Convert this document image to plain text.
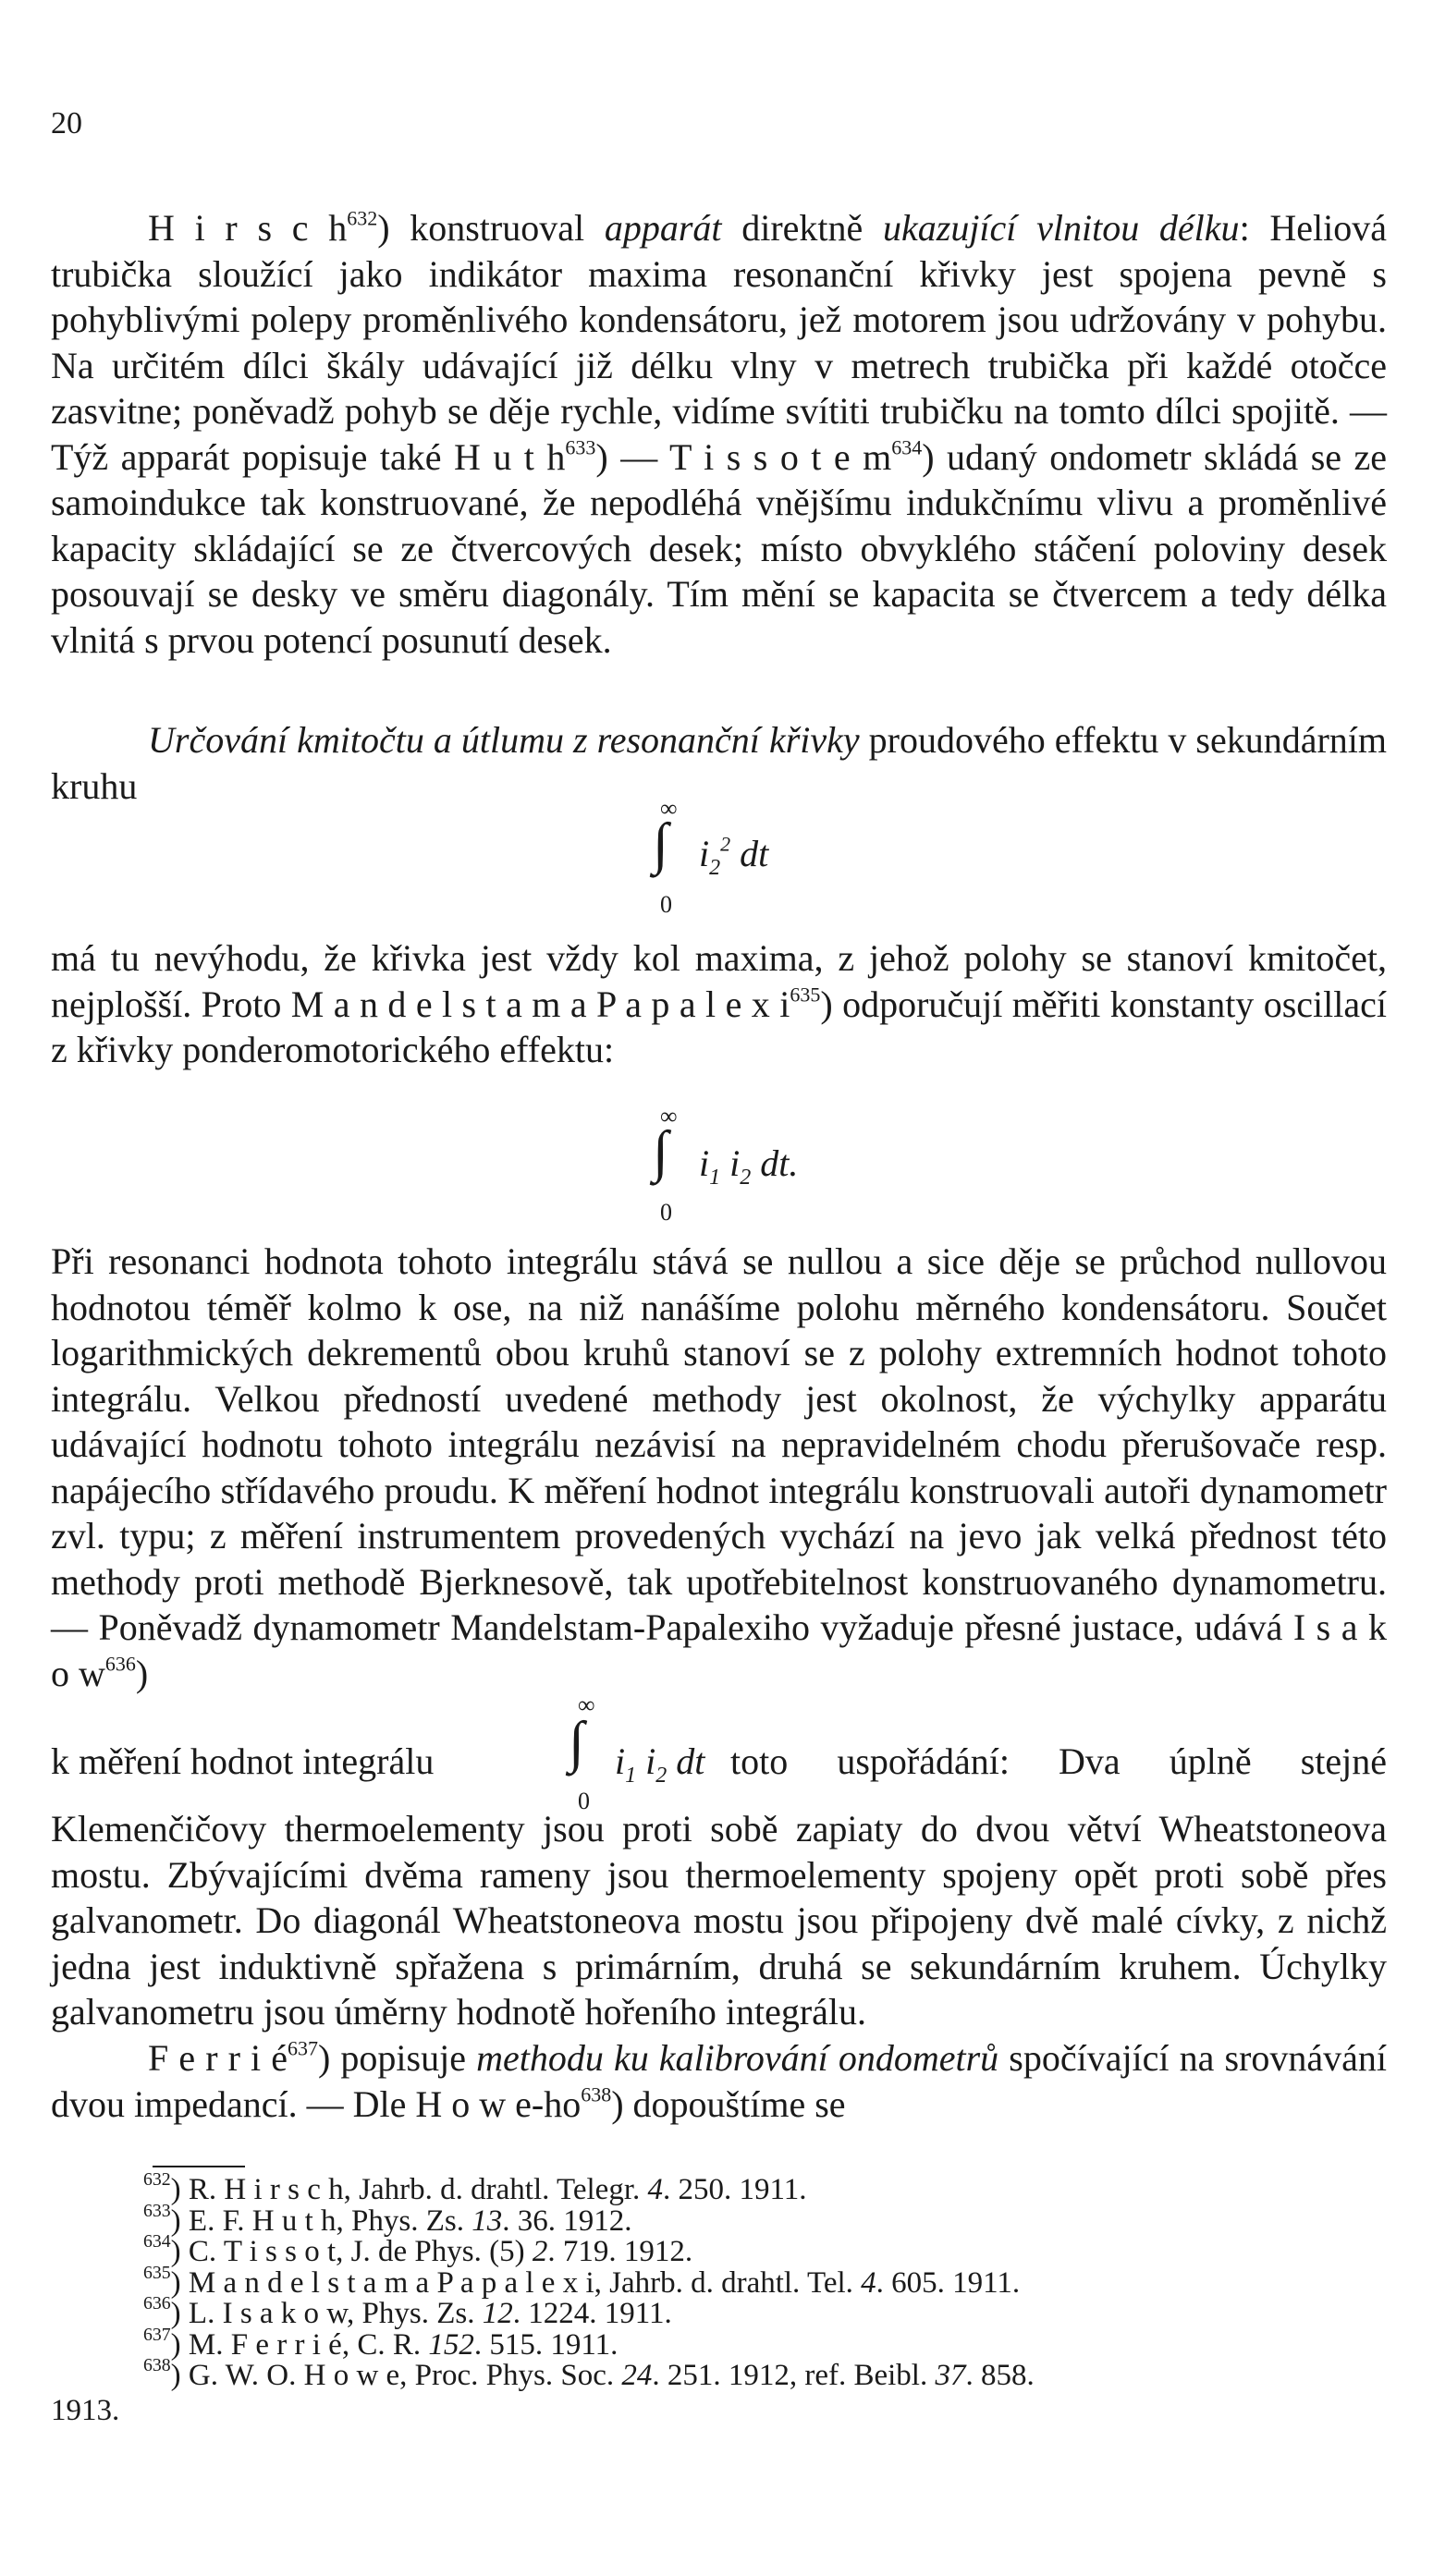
20

H i r s c $h^{632}$) konstruoval apparát direktně ukazující vlnitou délku: Heliová trubička sloužící jako indikátor maxima resonanční křivky jest spojena pevně s pohyblivými polepy proměnlivého kondensátoru, jež motorem jsou udržovány v pohybu. Na určitém dílci škály udávající již délku vlny v metrech trubička při každé otočce zasvitne; poněvadž pohyb se děje rychle, vidíme svítiti trubičku na tomto dílci spojitě. — Týž apparát popisuje také H u t $h^{633}$) — T i s s o t e $m^{634}$) udaný ondometr skládá se ze samoindukce tak konstruované, že nepodléhá vnějšímu indukčnímu vlivu a proměnlivé kapacity skládající se ze čtvercových desek; místo obvyklého stáčení poloviny desek posouvají se desky ve směru diagonály. Tím mění se kapacita se čtvercem a tedy délka vlnitá s prvou potencí posunutí desek.

Určování kmitočtu a útlumu z resonanční křivky proudového effektu v sekundárním kruhu

∞
∫
0
$i_2^2$ dt

má tu nevýhodu, že křivka jest vždy kol maxima, z jehož polohy se stanoví kmitočet, nejplošší. Proto M a n d e l s t a m a P a p a l e x $i^{635}$) odporučují měřiti konstanty oscillací z křivky ponderomotorického effektu:

∞
∫
0
$i_1$ $i_2$ dt.

Při resonanci hodnota tohoto integrálu stává se nullou a sice děje se průchod nullovou hodnotou téměř kolmo k ose, na niž nanášíme polohu měrného kondensátoru. Součet logarithmických dekrementů obou kruhů stanoví se z polohy extremních hodnot tohoto integrálu. Velkou předností uvedené methody jest okolnost, že výchylky apparátu udávající hodnotu tohoto integrálu nezávisí na nepravidelném chodu přerušovače resp. napájecího střídavého proudu. K měření hodnot integrálu konstruovali autoři dynamometr zvl. typu; z měření instrumentem provedených vychází na jevo jak velká přednost této methody proti methodě Bjerknesově, tak upotřebitelnost konstruovaného dynamometru. — Poněvadž dynamometr Mandelstam-Papalexiho vyžaduje přesné justace, udává I s a k o $w^{636}$)

k měření hodnot integrálu
∞
∫
0
$i_1$ $i_2$ dt toto uspořádání: Dva úplně stejné

Klemenčičovy thermoelementy jsou proti sobě zapiaty do dvou větví Wheatstoneova mostu. Zbývajícími dvěma rameny jsou thermoelementy spojeny opět proti sobě přes galvanometr. Do diagonál Wheatstoneova mostu jsou připojeny dvě malé cívky, z nichž jedna jest induktivně spřažena s primárním, druhá se sekundárním kruhem. Úchylky galvanometru jsou úměrny hodnotě hořeního integrálu.

F e r r i $é^{637}$) popisuje methodu ku kalibrování ondometrů spočívající na srovnávání dvou impedancí. — Dle H o w $e-ho^{638}$) dopouštíme se

$^{632}$) R. H i r s c h, Jahrb. d. drahtl. Telegr. 4. 250. 1911.
$^{633}$) E. F. H u t h, Phys. Zs. 13. 36. 1912.
$^{634}$) C. T i s s o t, J. de Phys. (5) 2. 719. 1912.
$^{635}$) M a n d e l s t a m a P a p a l e x i, Jahrb. d. drahtl. Tel. 4. 605. 1911.
$^{636}$) L. I s a k o w, Phys. Zs. 12. 1224. 1911.
$^{637}$) M. F e r r i é, C. R. 152. 515. 1911.
$^{638}$) G. W. O. H o w e, Proc. Phys. Soc. 24. 251. 1912, ref. Beibl. 37. 858.
1913.
